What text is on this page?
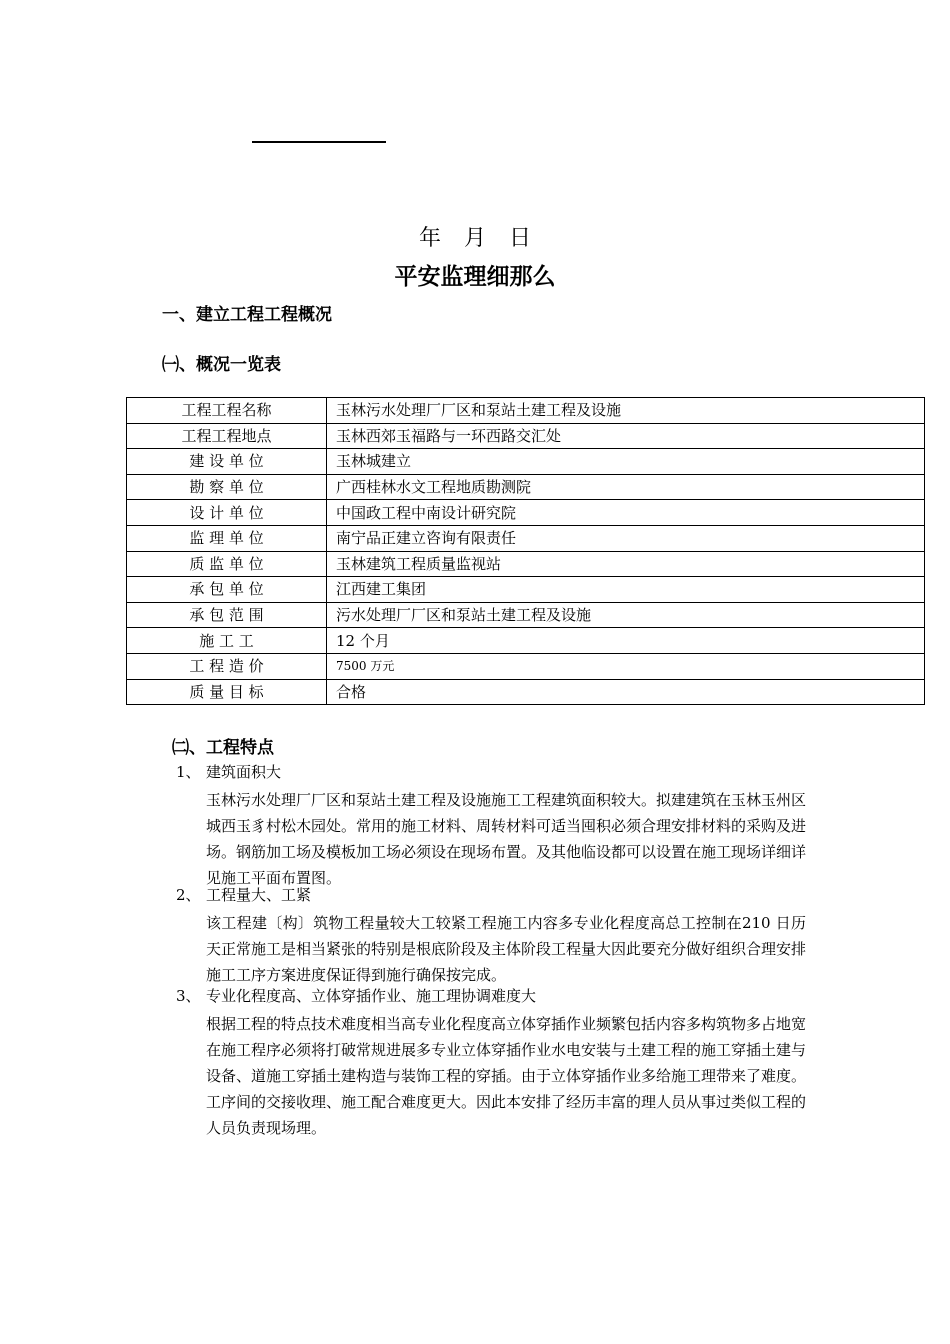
年 月 日
平安监理细那么
一、建立工程工程概况
㈠、概况一览表
工程工程名称	玉林污水处理厂厂区和泵站土建工程及设施
工程工程地点	玉林西郊玉福路与一环西路交汇处
建 设 单 位	玉林城建立
勘 察 单 位	广西桂林水文工程地质勘测院
设 计 单 位	中国政工程中南设计研究院
监 理 单 位	南宁品正建立咨询有限责任
质 监 单 位	玉林建筑工程质量监视站
承 包 单 位	江西建工集团
承 包 范 围	污水处理厂厂区和泵站土建工程及设施
施 工 工	12 个月
工 程 造 价	7500 万元
质 量 目 标	合格
㈡、工程特点
1、 建筑面积大
玉林污水处理厂厂区和泵站土建工程及设施施工工程建筑面积较大。拟建建筑在玉林玉州区城西玉豸村松木园处。常用的施工材料、周转材料可适当囤积必须合理安排材料的采购及进场。钢筋加工场及模板加工场必须设在现场布置。及其他临设都可以设置在施工现场详细详见施工平面布置图。
2、 工程量大、工紧
该工程建〔构〕筑物工程量较大工较紧工程施工内容多专业化程度高总工控制在210 日历天正常施工是相当紧张的特别是根底阶段及主体阶段工程量大因此要充分做好组织合理安排施工工序方案进度保证得到施行确保按完成。
3、 专业化程度高、立体穿插作业、施工理协调难度大
根据工程的特点技术难度相当高专业化程度高立体穿插作业频繁包括内容多构筑物多占地宽在施工程序必须将打破常规进展多专业立体穿插作业水电安装与土建工程的施工穿插土建与设备、道施工穿插土建构造与装饰工程的穿插。由于立体穿插作业多给施工理带来了难度。工序间的交接收理、施工配合难度更大。因此本安排了经历丰富的理人员从事过类似工程的人员负责现场理。
